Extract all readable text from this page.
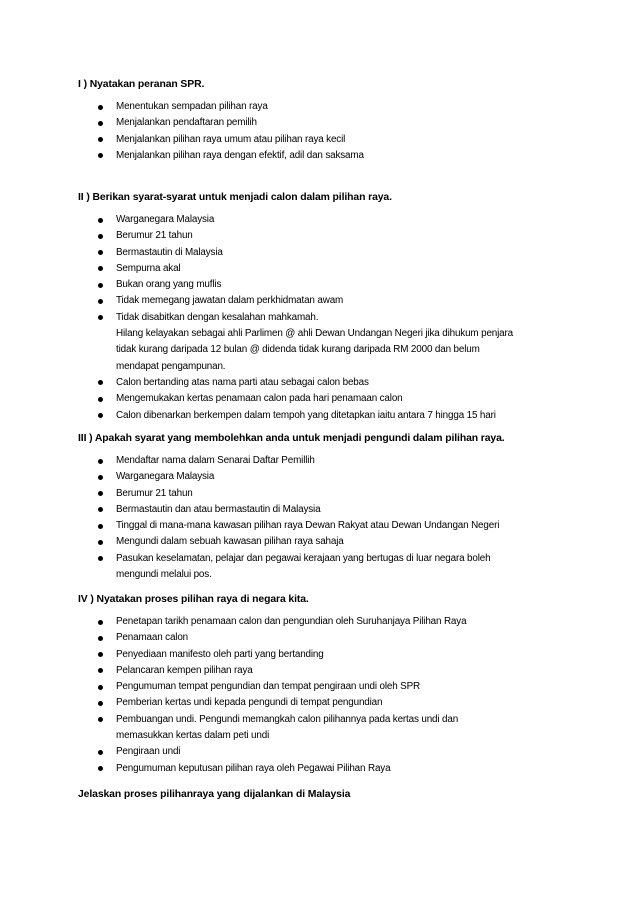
I ) Nyatakan peranan SPR.
Menentukan sempadan pilihan raya
Menjalankan pendaftaran pemilih
Menjalankan pilihan raya umum atau pilihan raya kecil
Menjalankan pilihan raya dengan efektif, adil dan saksama
II ) Berikan syarat-syarat untuk menjadi calon dalam pilihan raya.
Warganegara Malaysia
Berumur 21 tahun
Bermastautin di Malaysia
Sempurna akal
Bukan orang yang muflis
Tidak memegang jawatan dalam perkhidmatan awam
Tidak disabitkan dengan kesalahan mahkamah.
Hilang kelayakan sebagai ahli Parlimen @ ahli Dewan Undangan Negeri jika dihukum penjara
tidak kurang daripada 12 bulan @ didenda tidak kurang daripada RM 2000 dan belum
mendapat pengampunan.
Calon bertanding atas nama parti atau sebagai calon bebas
Mengemukakan kertas penamaan calon pada hari penamaan calon
Calon dibenarkan berkempen dalam tempoh yang ditetapkan iaitu antara 7 hingga 15 hari
III ) Apakah syarat yang membolehkan anda untuk menjadi pengundi dalam pilihan raya.
Mendaftar nama dalam Senarai Daftar Pemillih
Warganegara Malaysia
Berumur 21 tahun
Bermastautin dan atau bermastautin di Malaysia
Tinggal di mana-mana kawasan pilihan raya Dewan Rakyat atau Dewan Undangan Negeri
Mengundi dalam sebuah kawasan pilihan raya sahaja
Pasukan keselamatan, pelajar dan pegawai kerajaan yang bertugas di luar negara boleh
mengundi melalui pos.
IV ) Nyatakan proses pilihan raya di negara kita.
Penetapan tarikh penamaan calon dan pengundian oleh Suruhanjaya Pilihan Raya
Penamaan calon
Penyediaan manifesto oleh parti yang bertanding
Pelancaran kempen pilihan raya
Pengumuman tempat pengundian dan tempat pengiraan undi oleh SPR
Pemberian kertas undi kepada pengundi di tempat pengundian
Pembuangan undi. Pengundi memangkah calon pilihannya pada kertas undi dan
memasukkan kertas dalam peti undi
Pengiraan undi
Pengumuman keputusan pilihan raya oleh Pegawai Pilihan Raya
Jelaskan proses pilihanraya yang dijalankan di Malaysia
